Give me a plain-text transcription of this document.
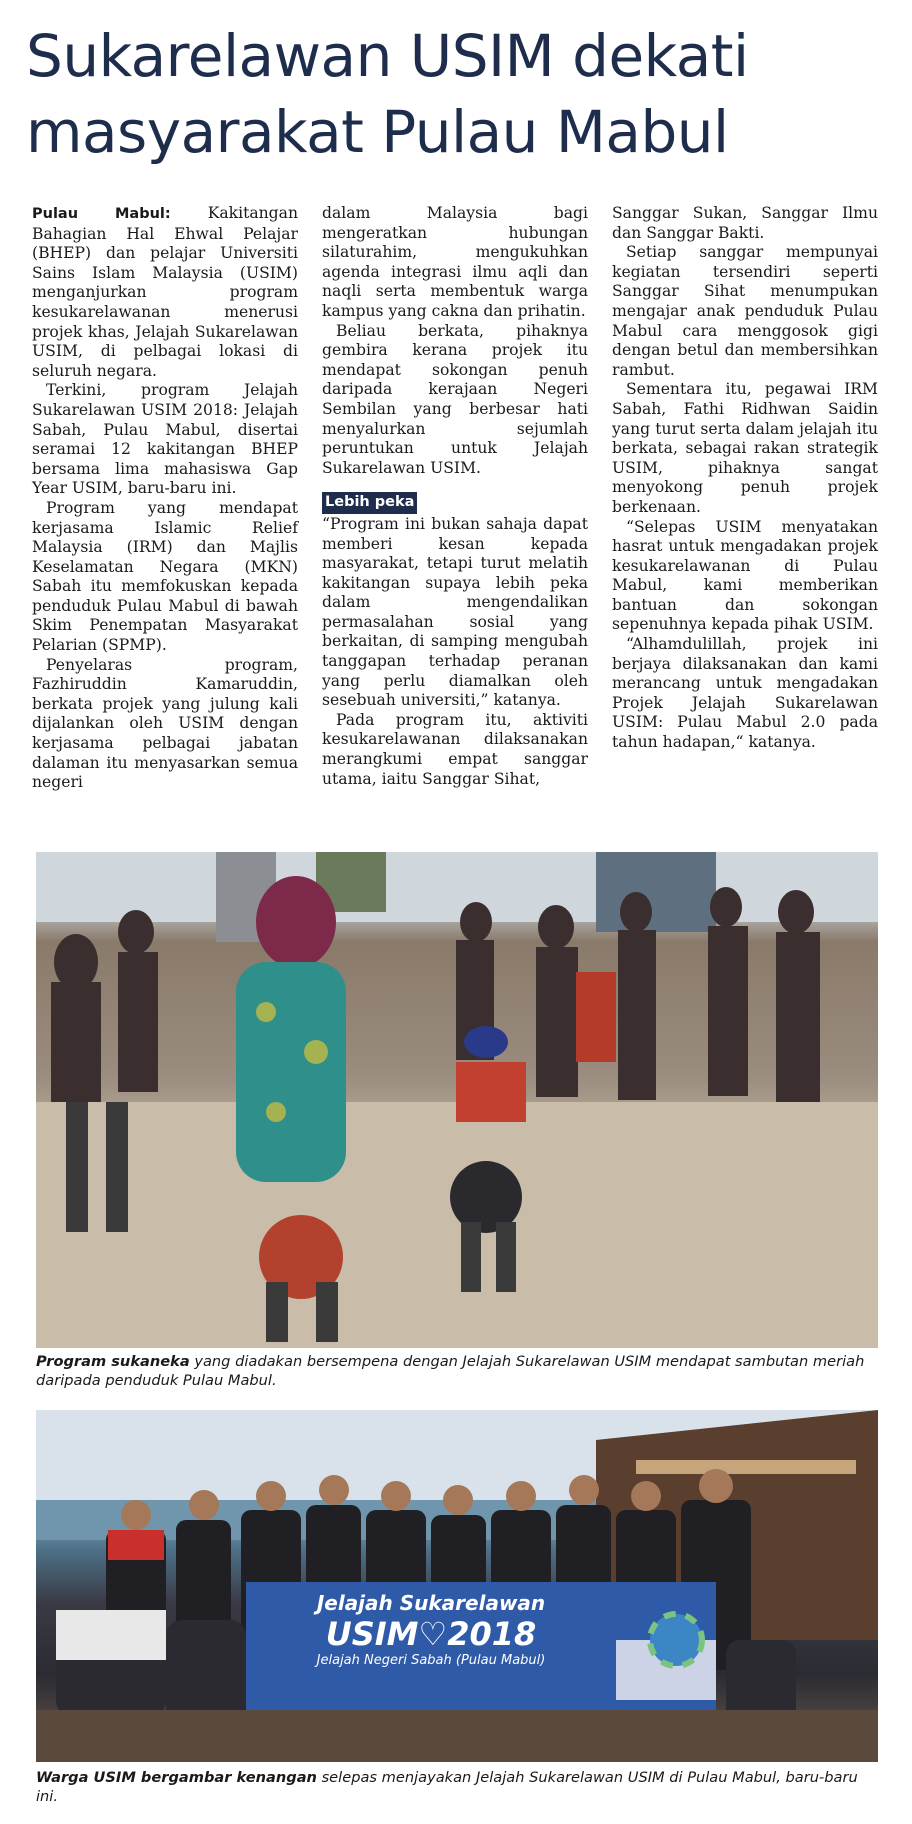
Sukarelawan USIM dekati
masyarakat Pulau Mabul

Pulau Mabul: Kakitangan Bahagian Hal Ehwal Pelajar (BHEP) dan pelajar Universiti Sains Islam Malaysia (USIM) menganjurkan program kesukarelawanan menerusi projek khas, Jelajah Sukarelawan USIM, di pelbagai lokasi di seluruh negara.

Terkini, program Jelajah Sukarelawan USIM 2018: Jelajah Sabah, Pulau Mabul, disertai seramai 12 kakitangan BHEP bersama lima mahasiswa Gap Year USIM, baru-baru ini.

Program yang mendapat kerjasama Islamic Relief Malaysia (IRM) dan Majlis Keselamatan Negara (MKN) Sabah itu memfokuskan kepada penduduk Pulau Mabul di bawah Skim Penempatan Masyarakat Pelarian (SPMP).

Penyelaras program, Fazhiruddin Kamaruddin, berkata projek yang julung kali dijalankan oleh USIM dengan kerjasama pelbagai jabatan dalaman itu menyasarkan semua negeri

dalam Malaysia bagi mengeratkan hubungan silaturahim, mengukuhkan agenda integrasi ilmu aqli dan naqli serta membentuk warga kampus yang cakna dan prihatin.

Beliau berkata, pihaknya gembira kerana projek itu mendapat sokongan penuh daripada kerajaan Negeri Sembilan yang berbesar hati menyalurkan sejumlah peruntukan untuk Jelajah Sukarelawan USIM.

Lebih peka

“Program ini bukan sahaja dapat memberi kesan kepada masyarakat, tetapi turut melatih kakitangan supaya lebih peka dalam mengendalikan permasalahan sosial yang berkaitan, di samping mengubah tanggapan terhadap peranan yang perlu diamalkan oleh sesebuah universiti,” katanya.

Pada program itu, aktiviti kesukarelawanan dilaksanakan merangkumi empat sanggar utama, iaitu Sanggar Sihat,

Sanggar Sukan, Sanggar Ilmu dan Sanggar Bakti.

Setiap sanggar mempunyai kegiatan tersendiri seperti Sanggar Sihat menumpukan mengajar anak penduduk Pulau Mabul cara menggosok gigi dengan betul dan membersihkan rambut.

Sementara itu, pegawai IRM Sabah, Fathi Ridhwan Saidin yang turut serta dalam jelajah itu berkata, sebagai rakan strategik USIM, pihaknya sangat menyokong penuh projek berkenaan.

“Selepas USIM menyatakan hasrat untuk mengadakan projek kesukarelawanan di Pulau Mabul, kami memberikan bantuan dan sokongan sepenuhnya kepada pihak USIM.

“Alhamdulillah, projek ini berjaya dilaksanakan dan kami merancang untuk mengadakan Projek Jelajah Sukarelawan USIM: Pulau Mabul 2.0 pada tahun hadapan,“ katanya.

Program sukaneka yang diadakan bersempena dengan Jelajah Sukarelawan USIM mendapat sambutan meriah daripada penduduk Pulau Mabul.
Jelajah Sukarelawan
USIM♡2018
Jelajah Negeri Sabah (Pulau Mabul)
Warga USIM bergambar kenangan selepas menjayakan Jelajah Sukarelawan USIM di Pulau Mabul, baru-baru ini.
